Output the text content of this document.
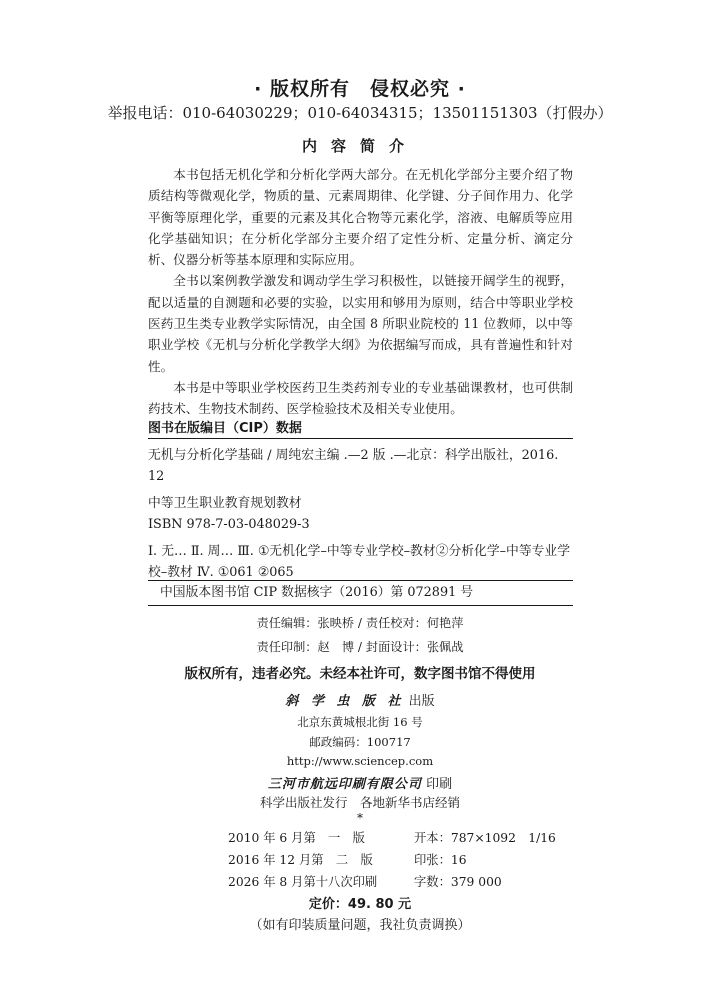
· 版权所有　侵权必究 ·
举报电话：010-64030229；010-64034315；13501151303（打假办）
内容简介

本书包括无机化学和分析化学两大部分。在无机化学部分主要介绍了物质结构等微观化学，物质的量、元素周期律、化学键、分子间作用力、化学平衡等原理化学，重要的元素及其化合物等元素化学，溶液、电解质等应用化学基础知识；在分析化学部分主要介绍了定性分析、定量分析、滴定分析、仪器分析等基本原理和实际应用。

全书以案例教学激发和调动学生学习积极性，以链接开阔学生的视野，配以适量的自测题和必要的实验，以实用和够用为原则，结合中等职业学校医药卫生类专业教学实际情况，由全国 8 所职业院校的 11 位教师，以中等职业学校《无机与分析化学教学大纲》为依据编写而成，具有普遍性和针对性。

本书是中等职业学校医药卫生类药剂专业的专业基础课教材，也可供制药技术、生物技术制药、医学检验技术及相关专业使用。

图书在版编目（CIP）数据

无机与分析化学基础 / 周纯宏主编 .—2 版 .—北京：科学出版社，2016. 12

中等卫生职业教育规划教材

ISBN 978-7-03-048029-3

Ⅰ. 无… Ⅱ. 周… Ⅲ. ①无机化学–中等专业学校–教材②分析化学–中等专业学校–教材 Ⅳ. ①061 ②065

中国版本图书馆 CIP 数据核字（2016）第 072891 号
责任编辑：张映桥 / 责任校对：何艳萍
责任印制：赵　博 / 封面设计：张佩战
版权所有，违者必究。未经本社许可，数字图书馆不得使用
斜 学 虫 版 社 出版
北京东黄城根北街 16 号
邮政编码：100717
http://www.sciencep.com
三河市航远印刷有限公司 印刷
科学出版社发行　各地新华书店经销
*
2010 年 6 月第　一　版	开本：787×1092　1/16
2016 年 12 月第　二　版	印张：16
2026 年 8 月第十八次印刷	字数：379 000
定价：49. 80 元
（如有印装质量问题，我社负责调换）
